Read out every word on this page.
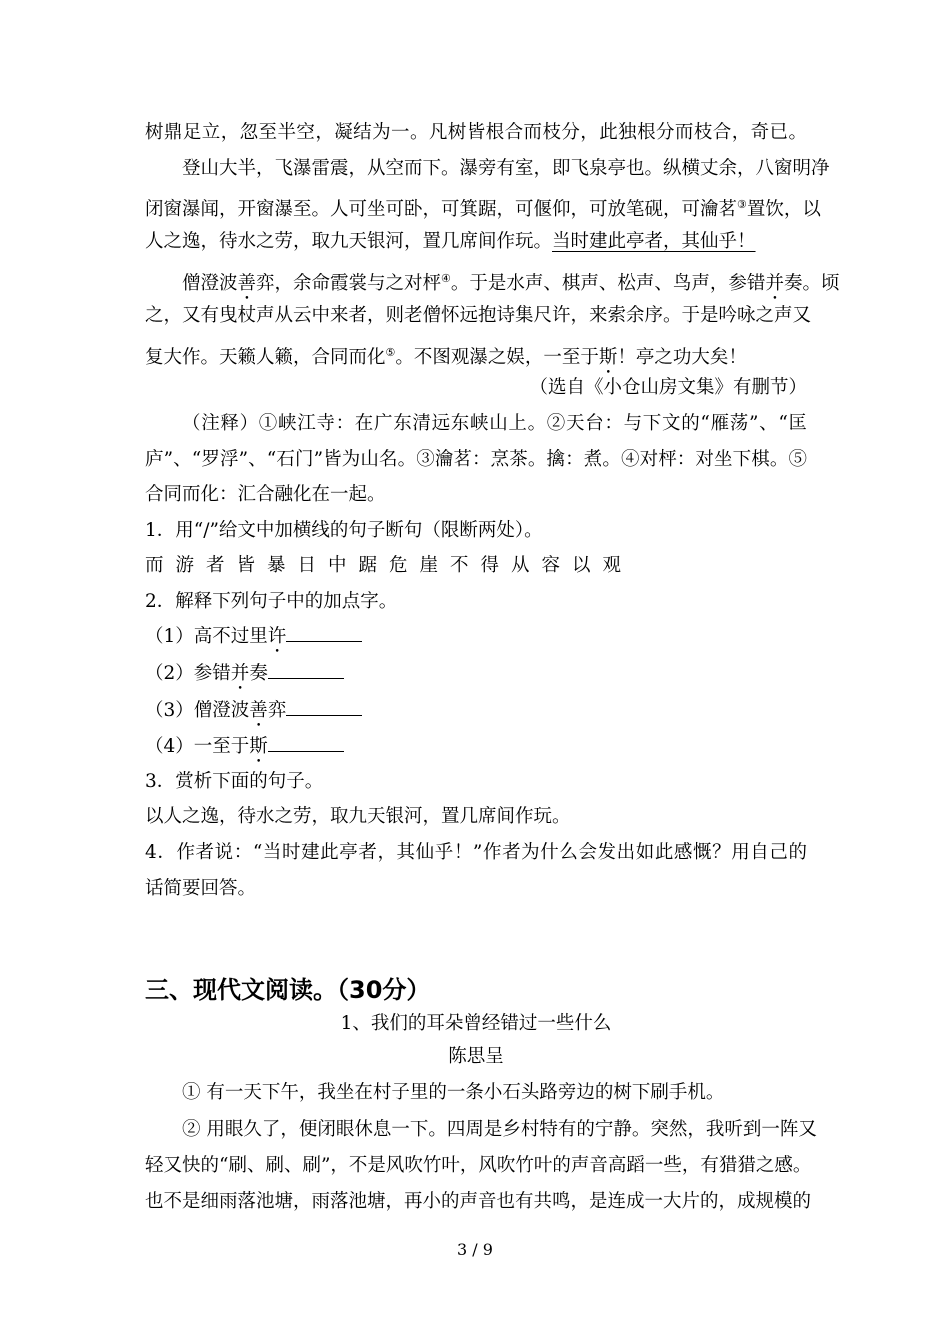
树鼎足立，忽至半空，凝结为一。凡树皆根合而枝分，此独根分而枝合，奇已。
登山大半，飞瀑雷震，从空而下。瀑旁有室，即飞泉亭也。纵横丈余，八窗明净
闭窗瀑闻，开窗瀑至。人可坐可卧，可箕踞，可偃仰，可放笔砚，可瀹茗③置饮，以
人之逸，待水之劳，取九天银河，置几席间作玩。当时建此亭者，其仙乎！
僧澄波善弈，余命霞裳与之对枰④。于是水声、棋声、松声、鸟声，参错并奏。顷
之，又有曳杖声从云中来者，则老僧怀远抱诗集尺许，来索余序。于是吟咏之声又
复大作。天籁人籁，合同而化⑤。不图观瀑之娱，一至于斯！亭之功大矣！
（选自《小仓山房文集》有删节）
（注释）①峡江寺：在广东清远东峡山上。②天台：与下文的“雁荡”、“匡
庐”、“罗浮”、“石门”皆为山名。③瀹茗：烹茶。擒：煮。④对枰：对坐下棋。⑤
合同而化：汇合融化在一起。
1．用“/”给文中加横线的句子断句（限断两处）。
而游者皆暴日中踞危崖不得从容以观
2．解释下列句子中的加点字。
（1）高不过里许
（2）参错并奏
（3）僧澄波善弈
（4）一至于斯
3．赏析下面的句子。
以人之逸，待水之劳，取九天银河，置几席间作玩。
4．作者说：“当时建此亭者，其仙乎！”作者为什么会发出如此感慨？用自己的
话简要回答。
三、现代文阅读。（30分）
1、我们的耳朵曾经错过一些什么
陈思呈
① 有一天下午，我坐在村子里的一条小石头路旁边的树下刷手机。
② 用眼久了，便闭眼休息一下。四周是乡村特有的宁静。突然，我听到一阵又
轻又快的“刷、刷、刷”，不是风吹竹叶，风吹竹叶的声音高蹈一些，有猎猎之感。
也不是细雨落池塘，雨落池塘，再小的声音也有共鸣，是连成一大片的，成规模的
3 / 9
